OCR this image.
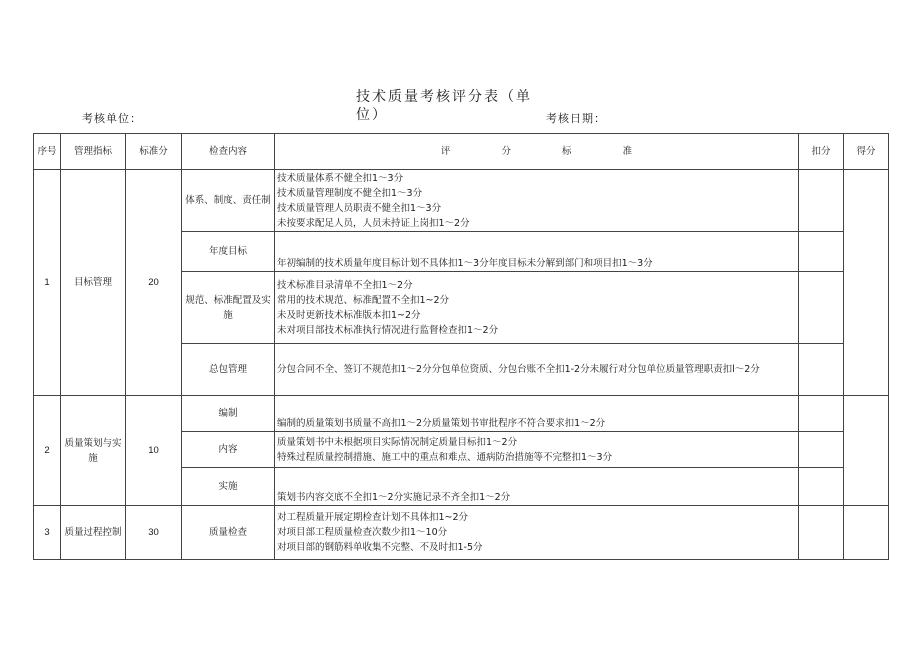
技术质量考核评分表（单位）
考核单位：	考核日期：
序号	管理指标	标准分	检查内容	评 分 标 准	扣分	得分
1	目标管理	20	体系、制度、责任制	技术质量体系不健全扣1～3分
技术质量管理制度不健全扣1～3分
技术质量管理人员职责不健全扣1～3分
未按要求配足人员，人员未持证上岗扣1～2分		

			年度目标	年初编制的技术质量年度目标计划不具体扣1～3分年度目标未分解到部门和项目扣1～3分		

			规范、标准配置及实施	技术标准目录清单不全扣1～2分
常用的技术规范、标准配置不全扣1~2分
未及时更新技术标准版本扣1~2分
未对项目部技术标准执行情况进行监督检查扣1～2分		

			总包管理	分包合同不全、签订不规范扣1～2分分包单位资质、分包台账不全扣1-2分未履行对分包单位质量管理职责扣l～2分		

2	质量策划与实施	10	编制	编制的质量策划书质量不高扣1～2分质量策划书审批程序不符合要求扣1～2分		

			内容	质量策划书中未根据项目实际情况制定质量目标扣1～2分
特殊过程质量控制措施、施工中的重点和难点、通病防治措施等不完整扣1～3分		

			实施	策划书内容交底不全扣1～2分实施记录不齐全扣1～2分		

3	质量过程控制	30	质量检查	对工程质量开展定期检查计划不具体扣1~2分
对项目部工程质量检查次数少扣1～10分
对项目部的钢筋料单收集不完整、不及时扣1-5分		
